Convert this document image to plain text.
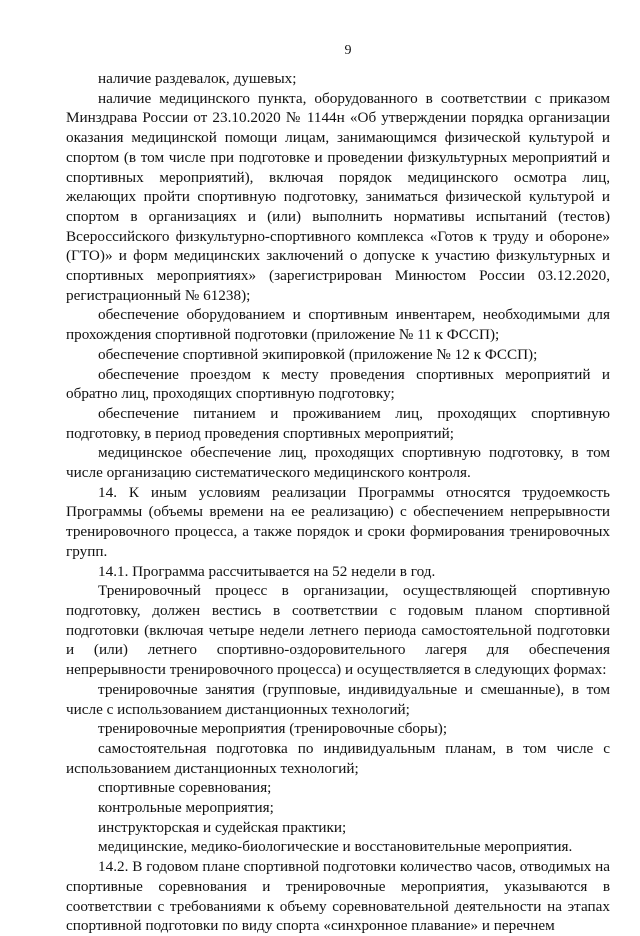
9

наличие раздевалок, душевых;

наличие медицинского пункта, оборудованного в соответствии с приказом Минздрава России от 23.10.2020 № 1144н «Об утверждении порядка организации оказания медицинской помощи лицам, занимающимся физической культурой и спортом (в том числе при подготовке и проведении физкультурных мероприятий и спортивных мероприятий), включая порядок медицинского осмотра лиц, желающих пройти спортивную подготовку, заниматься физической культурой и спортом в организациях и (или) выполнить нормативы испытаний (тестов) Всероссийского физкультурно-спортивного комплекса «Готов к труду и обороне» (ГТО)» и форм медицинских заключений о допуске к участию физкультурных и спортивных мероприятиях» (зарегистрирован Минюстом России 03.12.2020, регистрационный № 61238);

обеспечение оборудованием и спортивным инвентарем, необходимыми для прохождения спортивной подготовки (приложение № 11 к ФССП);

обеспечение спортивной экипировкой (приложение № 12 к ФССП);

обеспечение проездом к месту проведения спортивных мероприятий и обратно лиц, проходящих спортивную подготовку;

обеспечение питанием и проживанием лиц, проходящих спортивную подготовку, в период проведения спортивных мероприятий;

медицинское обеспечение лиц, проходящих спортивную подготовку, в том числе организацию систематического медицинского контроля.

14. К иным условиям реализации Программы относятся трудоемкость Программы (объемы времени на ее реализацию) с обеспечением непрерывности тренировочного процесса, а также порядок и сроки формирования тренировочных групп.

14.1. Программа рассчитывается на 52 недели в год.

Тренировочный процесс в организации, осуществляющей спортивную подготовку, должен вестись в соответствии с годовым планом спортивной подготовки (включая четыре недели летнего периода самостоятельной подготовки и (или) летнего спортивно-оздоровительного лагеря для обеспечения непрерывности тренировочного процесса) и осуществляется в следующих формах:

тренировочные занятия (групповые, индивидуальные и смешанные), в том числе с использованием дистанционных технологий;

тренировочные мероприятия (тренировочные сборы);

самостоятельная подготовка по индивидуальным планам, в том числе с использованием дистанционных технологий;

спортивные соревнования;

контрольные мероприятия;

инструкторская и судейская практики;

медицинские, медико-биологические и восстановительные мероприятия.

14.2. В годовом плане спортивной подготовки количество часов, отводимых на спортивные соревнования и тренировочные мероприятия, указываются в соответствии с требованиями к объему соревновательной деятельности на этапах спортивной подготовки по виду спорта «синхронное плавание» и перечнем
